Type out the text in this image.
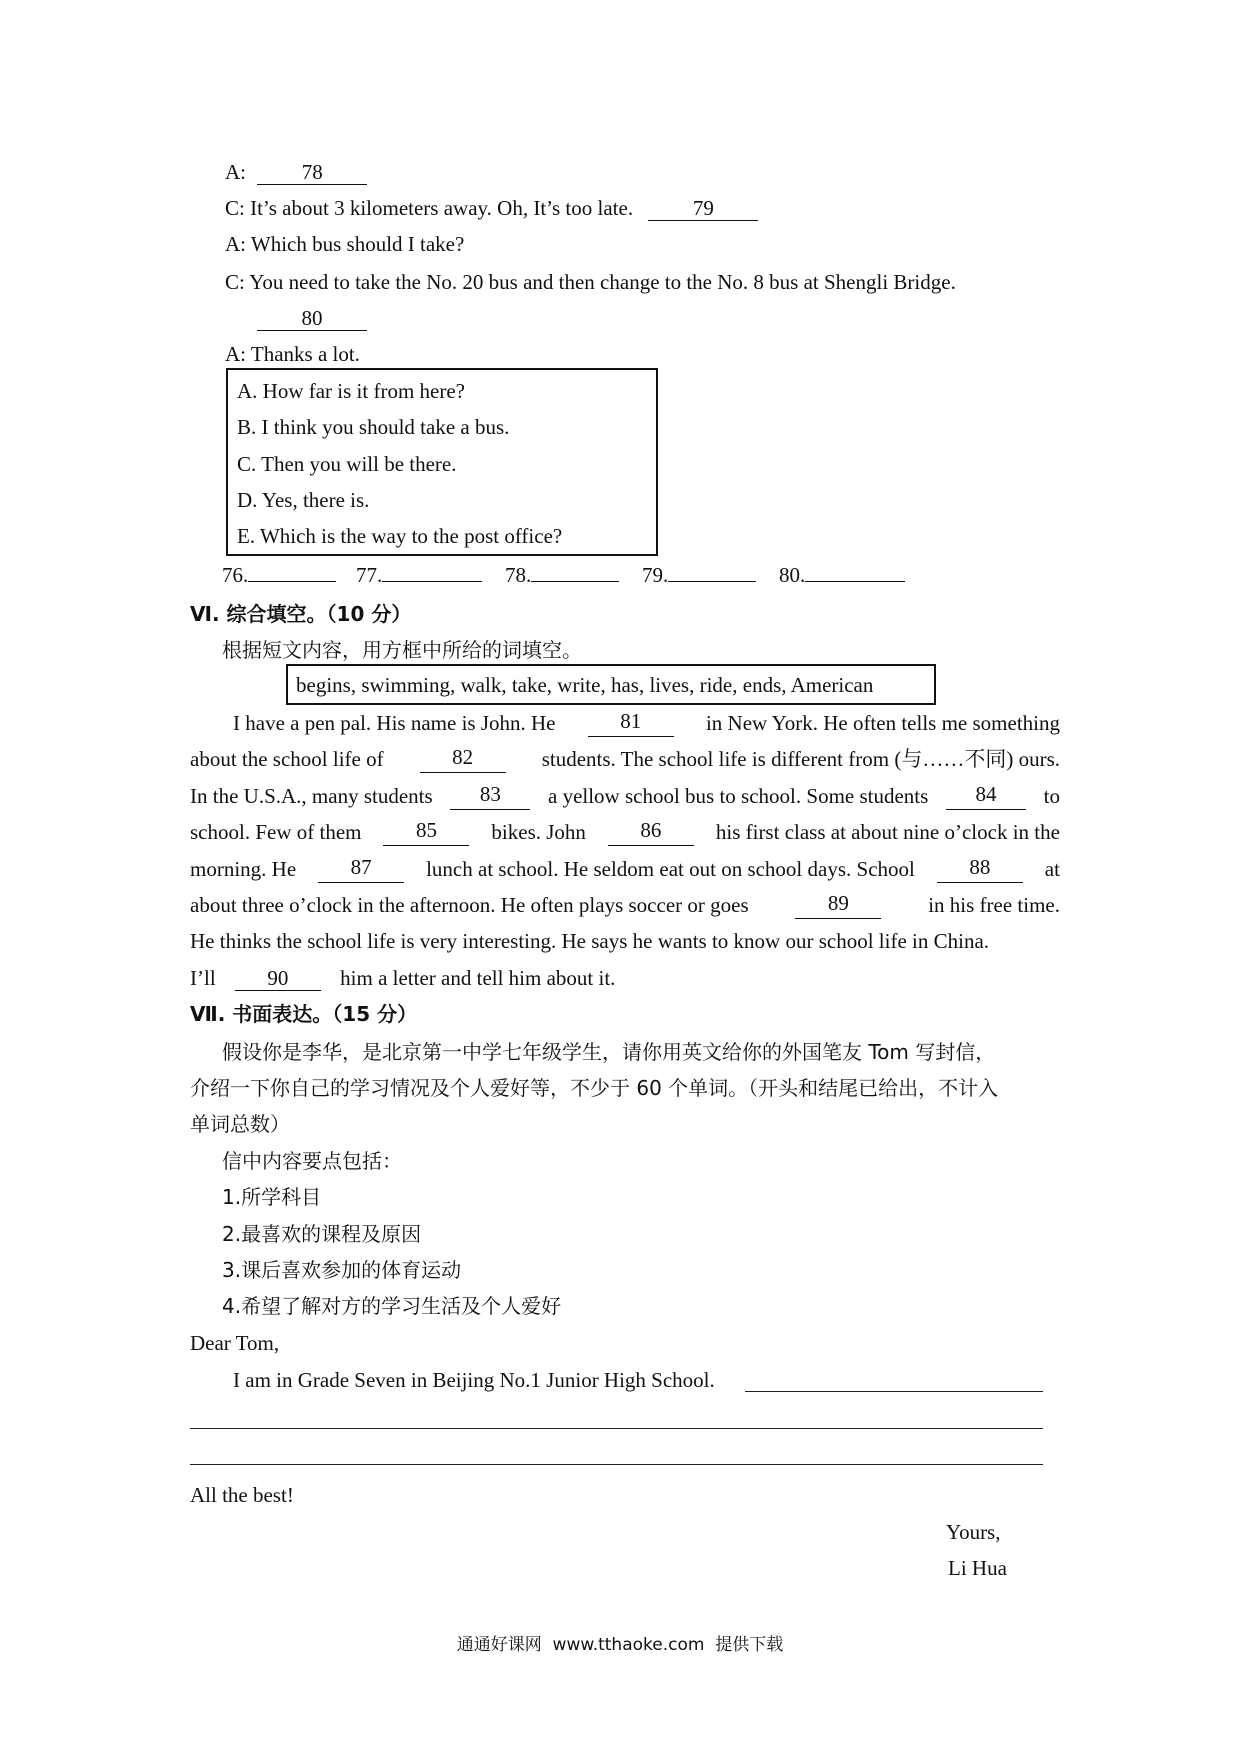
A:	78
C: It’s about 3 kilometers away. Oh, It’s too late.	79
A: Which bus should I take?
C: You need to take the No. 20 bus and then change to the No. 8 bus at Shengli Bridge.
80
A: Thanks a lot.
A. How far is it from here?
B. I think you should take a bus.
C. Then you will be there.
D. Yes, there is.
E. Which is the way to the post office?
76.	77.	78.	79.	80.
Ⅵ. 综合填空。（10 分）
根据短文内容，用方框中所给的词填空。
begins, swimming, walk, take, write, has, lives, ride, ends, American
I have a pen pal. His name is John. He	81	in New York. He often tells me something
about the school life of	82	students. The school life is different from (与……不同) ours.
In the U.S.A., many students	83	a yellow school bus to school. Some students	84	to
school. Few of them	85	bikes. John	86	his first class at about nine o’clock in the
morning. He	87	lunch at school. He seldom eat out on school days. School	88	at
about three o’clock in the afternoon. He often plays soccer or goes	89	in his free time.
He thinks the school life is very interesting. He says he wants to know our school life in China.
I’ll 90 him a letter and tell him about it.
Ⅶ. 书面表达。（15 分）
假设你是李华，是北京第一中学七年级学生，请你用英文给你的外国笔友 Tom 写封信，
介绍一下你自己的学习情况及个人爱好等，不少于 60 个单词。（开头和结尾已给出，不计入
单词总数）
信中内容要点包括：
1.所学科目
2.最喜欢的课程及原因
3.课后喜欢参加的体育运动
4.希望了解对方的学习生活及个人爱好
Dear Tom,
I am in Grade Seven in Beijing No.1 Junior High School.
All the best!
Yours,
Li Hua
通通好课网  www.tthaoke.com  提供下载
